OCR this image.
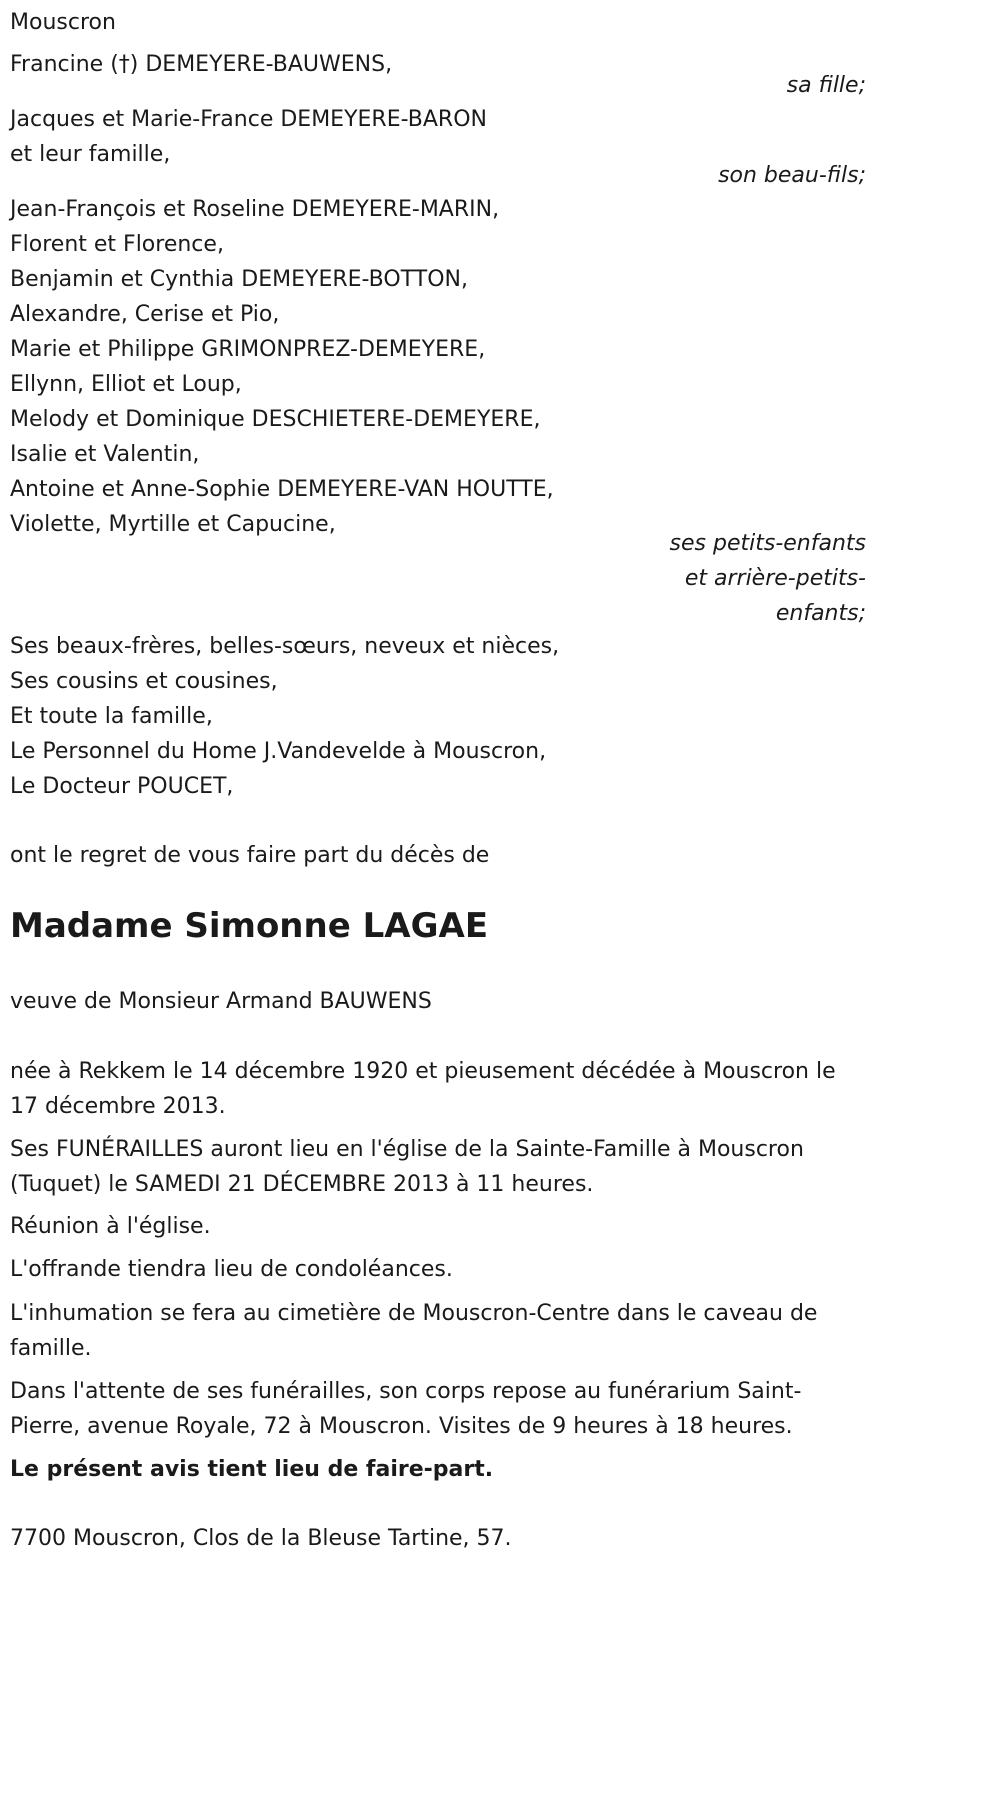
Mouscron
Francine (†) DEMEYERE-BAUWENS,
sa fille;
Jacques et Marie-France DEMEYERE-BARON
et leur famille,
son beau-fils;
Jean-François et Roseline DEMEYERE-MARIN,
Florent et Florence,
Benjamin et Cynthia DEMEYERE-BOTTON,
Alexandre, Cerise et Pio,
Marie et Philippe GRIMONPREZ-DEMEYERE,
Ellynn, Elliot et Loup,
Melody et Dominique DESCHIETERE-DEMEYERE,
Isalie et Valentin,
Antoine et Anne-Sophie DEMEYERE-VAN HOUTTE,
Violette, Myrtille et Capucine,
ses petits-enfants
et arrière-petits-
enfants;
Ses beaux-frères, belles-sœurs, neveux et nièces,
Ses cousins et cousines,
Et toute la famille,
Le Personnel du Home J.Vandevelde à Mouscron,
Le Docteur POUCET,
ont le regret de vous faire part du décès de
Madame Simonne LAGAE
veuve de Monsieur Armand BAUWENS
née à Rekkem le 14 décembre 1920 et pieusement décédée à Mouscron le 17 décembre 2013.
Ses FUNÉRAILLES auront lieu en l'église de la Sainte-Famille à Mouscron (Tuquet) le SAMEDI 21 DÉCEMBRE 2013 à 11 heures.
Réunion à l'église.
L'offrande tiendra lieu de condoléances.
L'inhumation se fera au cimetière de Mouscron-Centre dans le caveau de famille.
Dans l'attente de ses funérailles, son corps repose au funérarium Saint-Pierre, avenue Royale, 72 à Mouscron. Visites de 9 heures à 18 heures.
Le présent avis tient lieu de faire-part.
7700 Mouscron, Clos de la Bleuse Tartine, 57.
